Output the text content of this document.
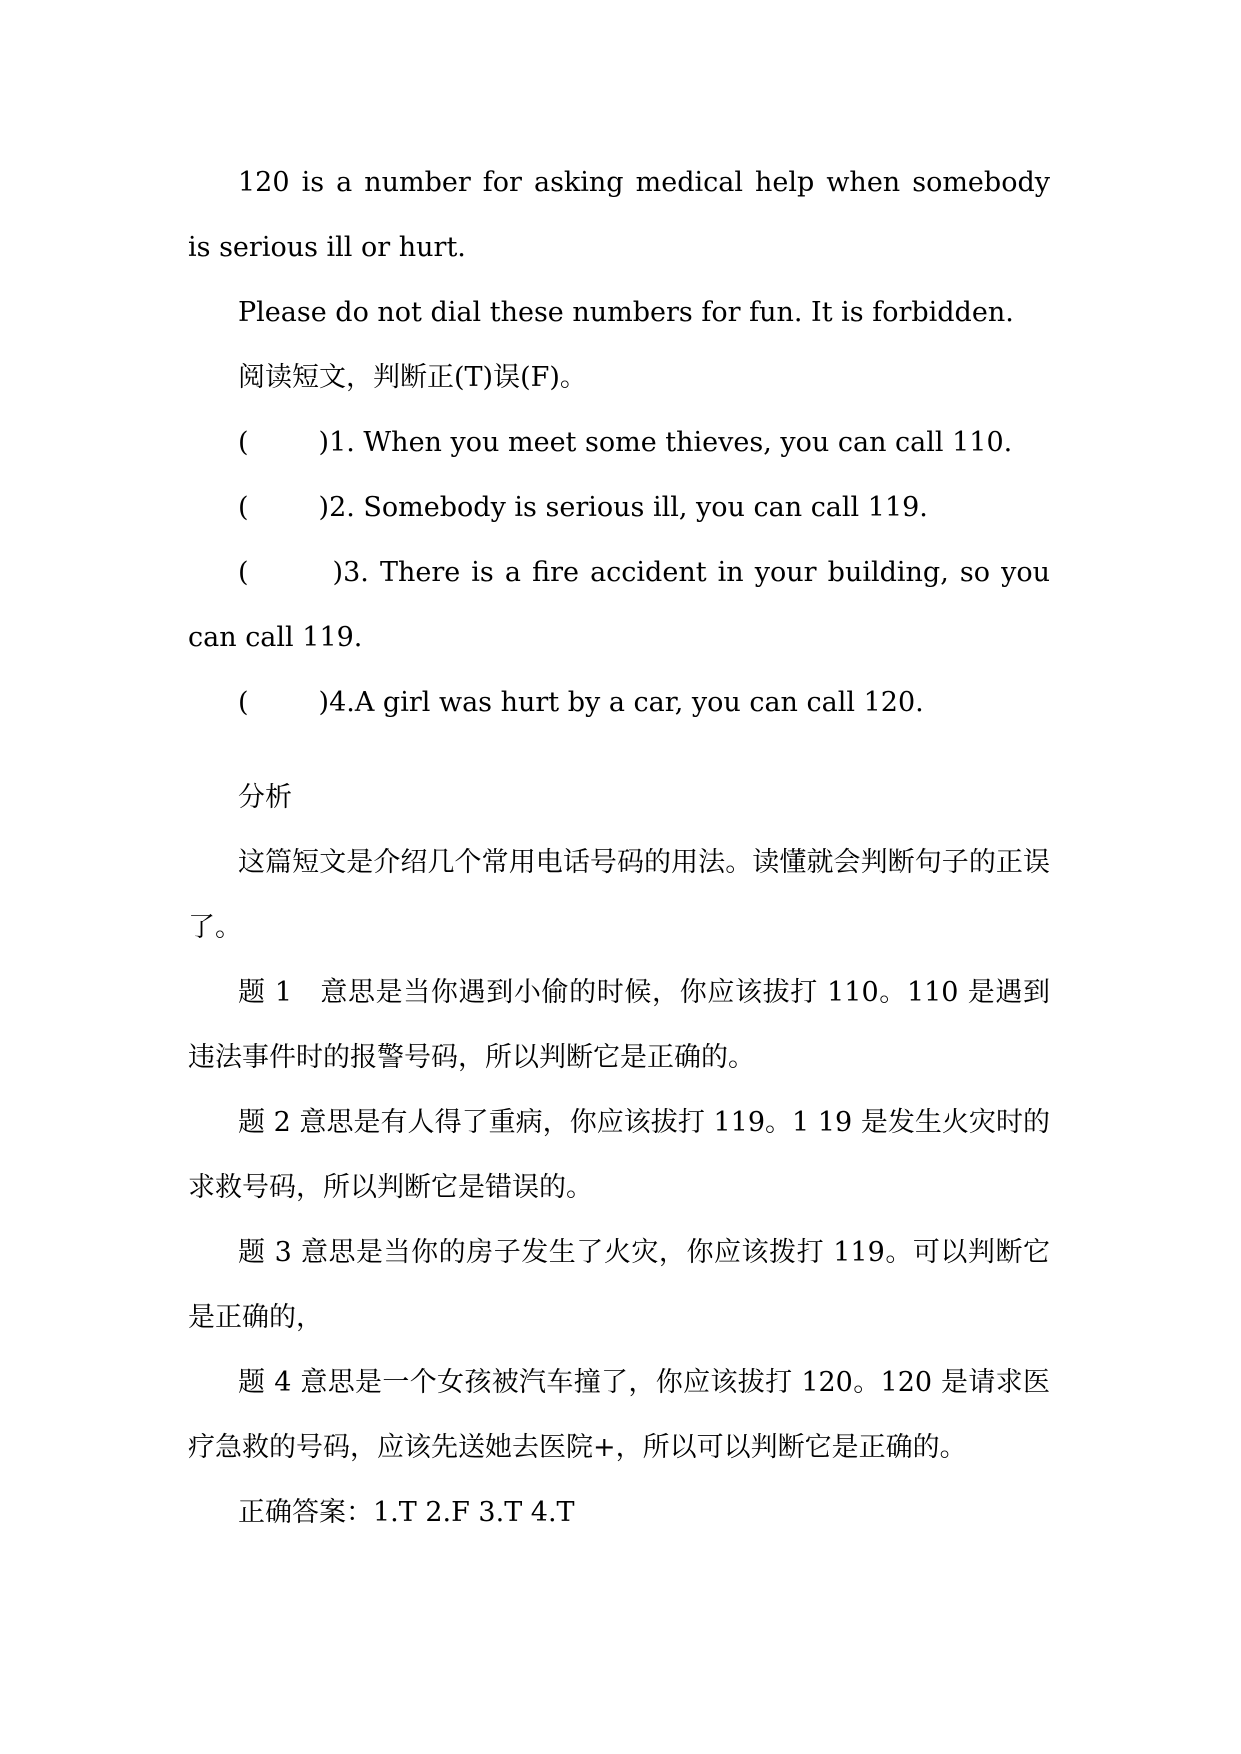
120 is a number for asking medical help when somebody is serious ill or hurt.

Please do not dial these numbers for fun. It is forbidden.

阅读短文，判断正(T)误(F)。

(	)1. When you meet some thieves, you can call 110.

(	)2. Somebody is serious ill, you can call 119.

(	)3. There is a fire accident in your building, so you can call 119.

(	)4.A girl was hurt by a car, you can call 120.

分析

这篇短文是介绍几个常用电话号码的用法。读懂就会判断句子的正误了。

题 1　意思是当你遇到小偷的时候，你应该拔打 110。110 是遇到违法事件时的报警号码，所以判断它是正确的。

题 2 意思是有人得了重病，你应该拔打 119。1 19 是发生火灾时的求救号码，所以判断它是错误的。

题 3 意思是当你的房子发生了火灾，你应该拨打 119。可以判断它是正确的，

题 4 意思是一个女孩被汽车撞了，你应该拔打 120。120 是请求医疗急救的号码，应该先送她去医院+，所以可以判断它是正确的。

正确答案：1.T 2.F 3.T 4.T
